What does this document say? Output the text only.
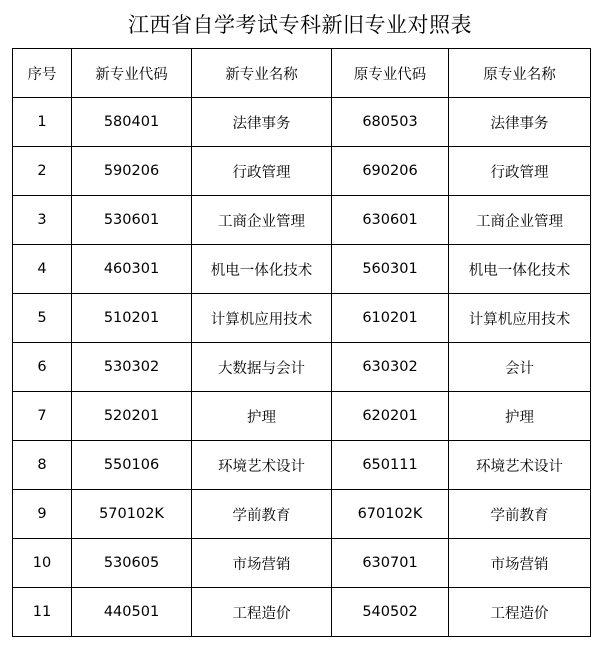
江西省自学考试专科新旧专业对照表
序号	新专业代码	新专业名称	原专业代码	原专业名称
1	580401	法律事务	680503	法律事务
2	590206	行政管理	690206	行政管理
3	530601	工商企业管理	630601	工商企业管理
4	460301	机电一体化技术	560301	机电一体化技术
5	510201	计算机应用技术	610201	计算机应用技术
6	530302	大数据与会计	630302	会计
7	520201	护理	620201	护理
8	550106	环境艺术设计	650111	环境艺术设计
9	570102K	学前教育	670102K	学前教育
10	530605	市场营销	630701	市场营销
11	440501	工程造价	540502	工程造价
